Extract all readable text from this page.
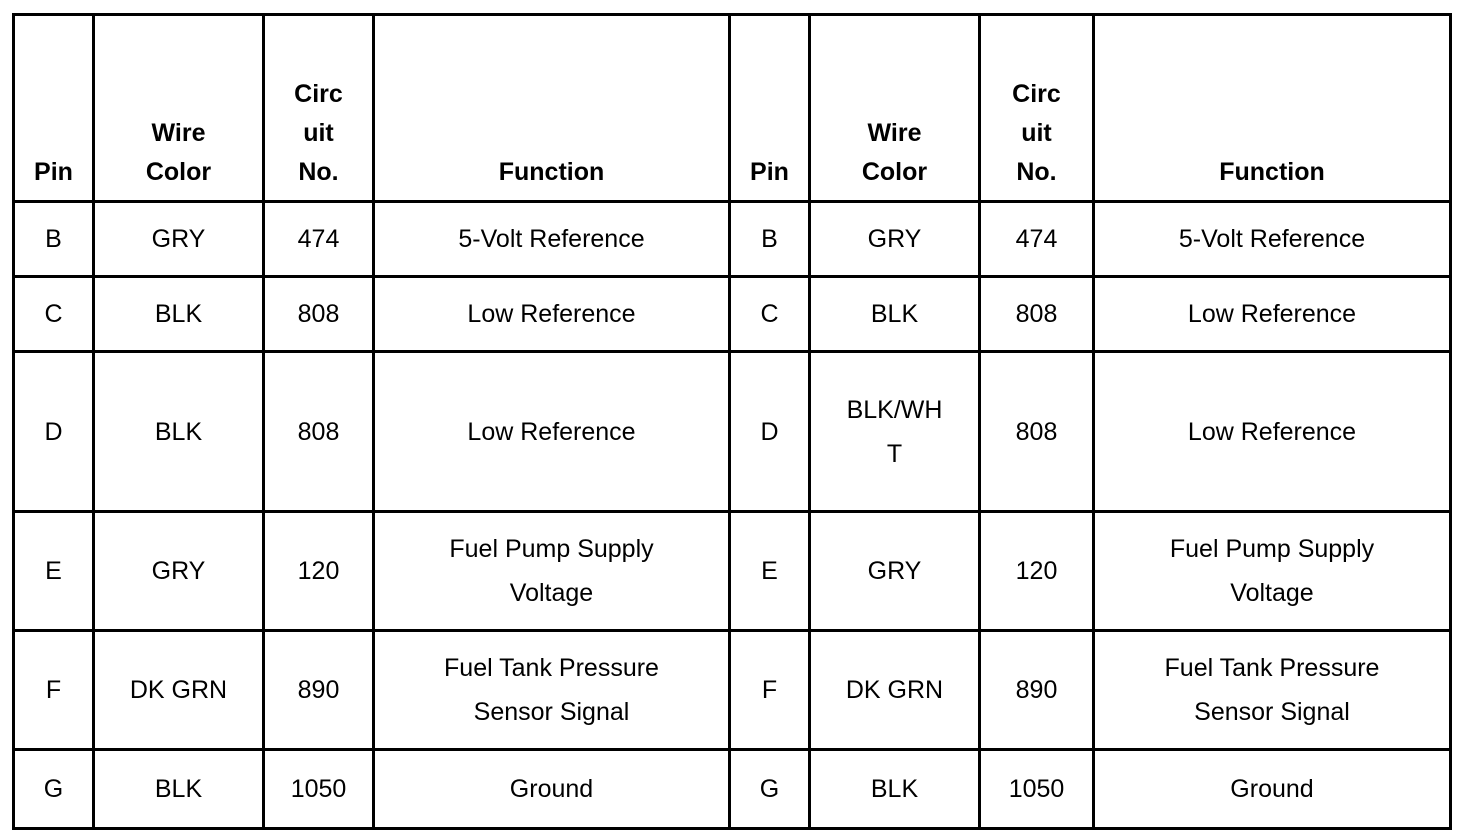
Pin	Wire Color	Circuit No.	Function	Pin	Wire Color	Circuit No.	Function
B	GRY	474	5-Volt Reference	B	GRY	474	5-Volt Reference
C	BLK	808	Low Reference	C	BLK	808	Low Reference
D	BLK	808	Low Reference	D	BLK/WHT	808	Low Reference
E	GRY	120	Fuel Pump Supply Voltage	E	GRY	120	Fuel Pump Supply Voltage
F	DK GRN	890	Fuel Tank Pressure Sensor Signal	F	DK GRN	890	Fuel Tank Pressure Sensor Signal
G	BLK	1050	Ground	G	BLK	1050	Ground
